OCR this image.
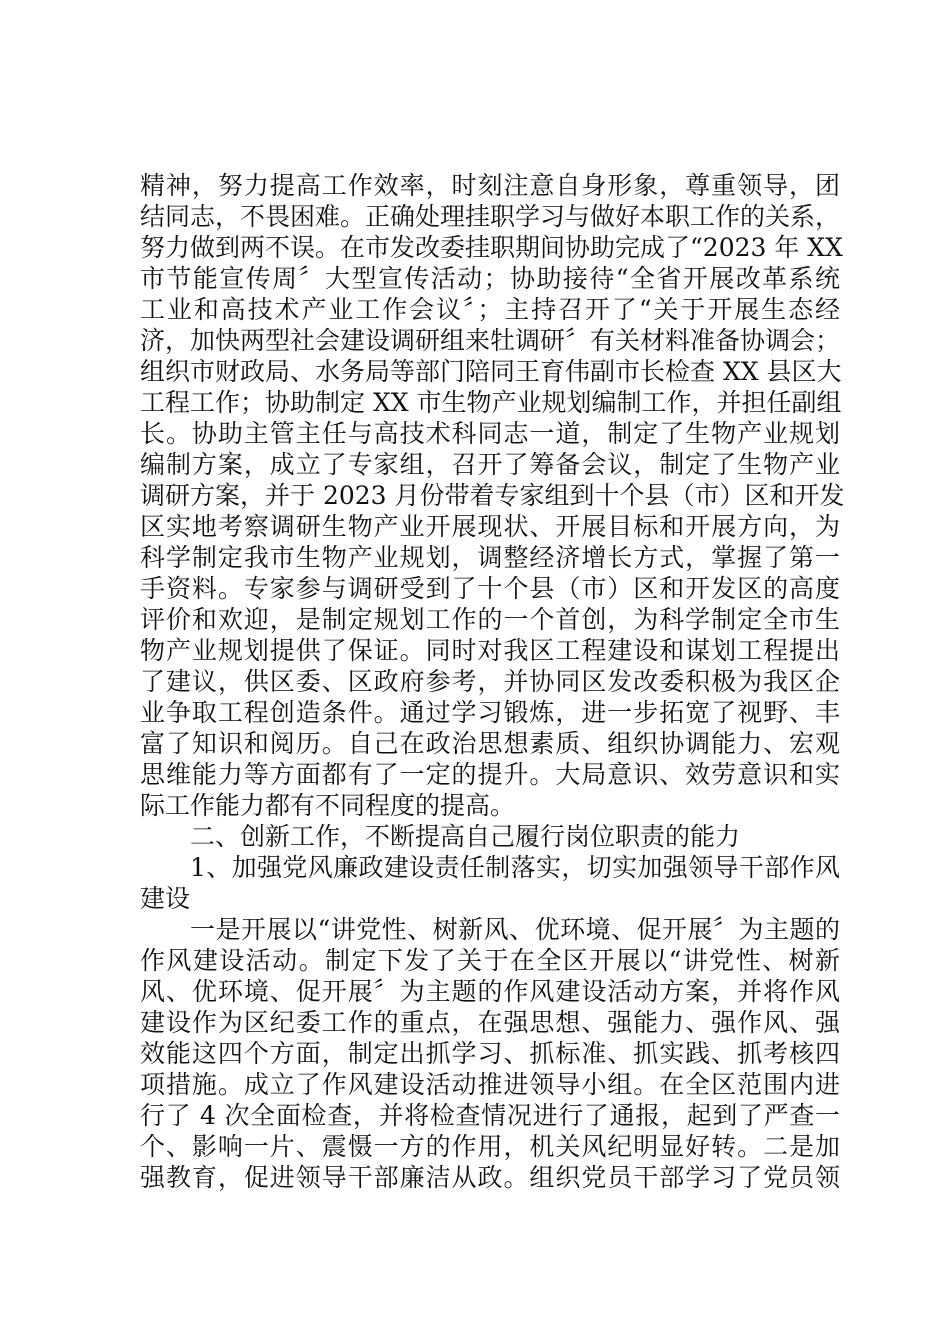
精神，努力提高工作效率，时刻注意自身形象，尊重领导，团
结同志，不畏困难。正确处理挂职学习与做好本职工作的关系，
努力做到两不误。在市发改委挂职期间协助完成了“2023 年 XX
市节能宣传周〞大型宣传活动；协助接待“全省开展改革系统
工业和高技术产业工作会议〞；主持召开了“关于开展生态经
济，加快两型社会建设调研组来牡调研〞有关材料准备协调会；
组织市财政局、水务局等部门陪同王育伟副市长检查 XX 县区大
工程工作；协助制定 XX 市生物产业规划编制工作，并担任副组
长。协助主管主任与高技术科同志一道，制定了生物产业规划
编制方案，成立了专家组，召开了筹备会议，制定了生物产业
调研方案，并于 2023 月份带着专家组到十个县（市）区和开发
区实地考察调研生物产业开展现状、开展目标和开展方向，为
科学制定我市生物产业规划，调整经济增长方式，掌握了第一
手资料。专家参与调研受到了十个县（市）区和开发区的高度
评价和欢迎，是制定规划工作的一个首创，为科学制定全市生
物产业规划提供了保证。同时对我区工程建设和谋划工程提出
了建议，供区委、区政府参考，并协同区发改委积极为我区企
业争取工程创造条件。通过学习锻炼，进一步拓宽了视野、丰
富了知识和阅历。自己在政治思想素质、组织协调能力、宏观
思维能力等方面都有了一定的提升。大局意识、效劳意识和实
际工作能力都有不同程度的提高。
二、创新工作，不断提高自己履行岗位职责的能力
1、加强党风廉政建设责任制落实，切实加强领导干部作风
建设
一是开展以“讲党性、树新风、优环境、促开展〞为主题的
作风建设活动。制定下发了关于在全区开展以“讲党性、树新
风、优环境、促开展〞为主题的作风建设活动方案，并将作风
建设作为区纪委工作的重点，在强思想、强能力、强作风、强
效能这四个方面，制定出抓学习、抓标准、抓实践、抓考核四
项措施。成立了作风建设活动推进领导小组。在全区范围内进
行了 4 次全面检查，并将检查情况进行了通报，起到了严查一
个、影响一片、震慑一方的作用，机关风纪明显好转。二是加
强教育，促进领导干部廉洁从政。组织党员干部学习了党员领
